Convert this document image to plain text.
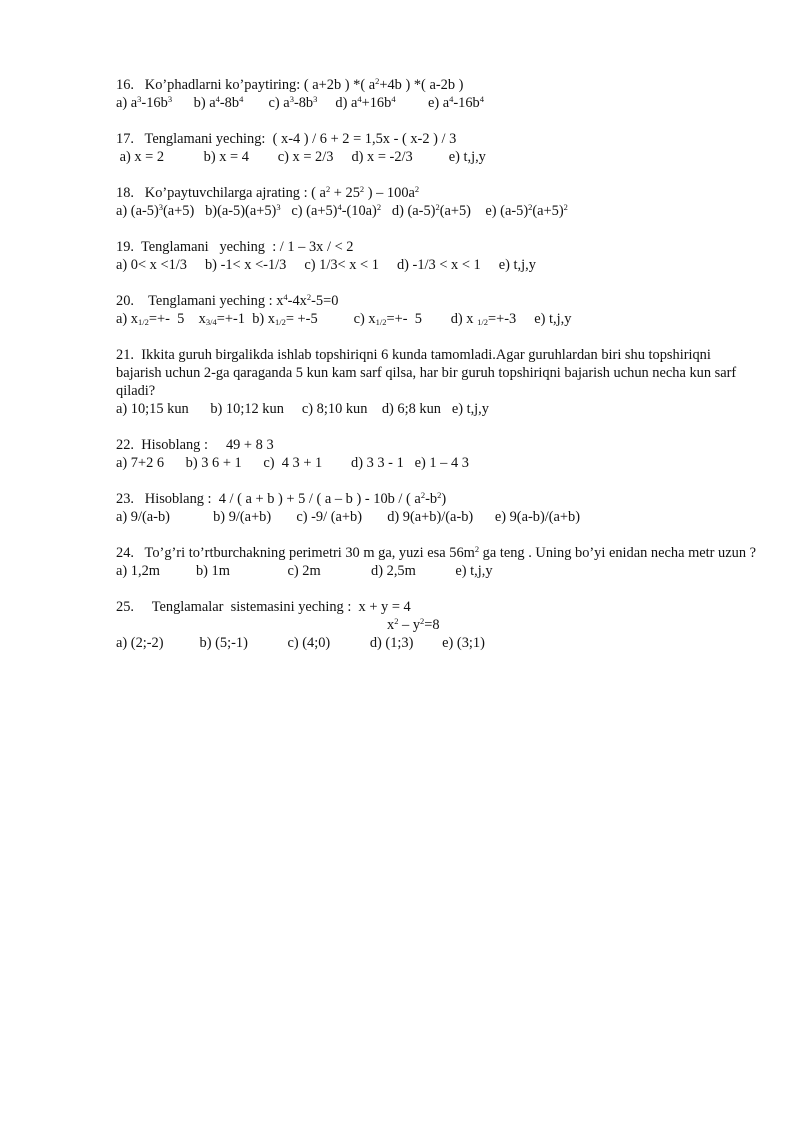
16. Ko’phadlarni ko’paytiring: ( a+2b ) *( $a^2+4b$ ) *( a-2b )
a) $a^3-16b^3$ b) $a^4-8b^4$ c) $a^3-8b^3$ d) $a^4+16b^4$ e) $a^4-16b^4$
17. Tenglamani yeching:  ( x-4 ) / 6 + 2 = 1,5x - ( x-2 ) / 3
a) x = 2	b) x = 4 c) x = 2/3 d) x = -2/3 e) t,j,y
18. Ko’paytuvchilarga ajrating : ( $a^2 + 25^2$ ) – $100a^2$
a) $(a-5)^3(a+5)$ $b)(a-5)(a+5)^3$ c) $(a+5)^4-(10a)^2$ d) $(a-5)^2(a+5)$ e) $(a-5)^2(a+5)^2$
19. Tenglamani   yeching  : / 1 – 3x / < 2
a) 0< x <1/3 b) -1< x <-1/3 c) 1/3< x < 1 d) -1/3 < x < 1 e) t,j,y
20. Tenglamani yeching : $x^4-4x^2-5=0$
a) $x_{1/2}=+-$  5 $x_{3/4}=+-1$ b) $x_{1/2}= +-5$ c) $x_{1/2}=+-$  5 d) x $_{1/2}$=+-3 e) t,j,y
21. Ikkita guruh birgalikda ishlab topshiriqni 6 kunda tamomladi.Agar guruhlardan biri shu topshiriqni bajarish uchun 2-ga qaraganda 5 kun kam sarf qilsa, har bir guruh topshiriqni bajarish uchun necha kun sarf qiladi?
a) 10;15 kun b) 10;12 kun c) 8;10 kun d) 6;8 kun e) t,j,y
22. Hisoblang :     49 + 8 3
a) 7+2 6 b) 3 6 + 1 c)  4 3 + 1 d) 3 3 - 1 e) 1 – 4 3
23. Hisoblang :  4 / ( a + b ) + 5 / ( a – b ) - 10b / ( $a^2-b^2$)
a) 9/(a-b)	b) 9/(a+b) c) -9/ (a+b) d) 9(a+b)/(a-b) e) 9(a-b)/(a+b)
24. To’g’ri to’rtburchakning perimetri 30 m ga, yuzi esa $56m^2$ ga teng . Uning bo’yi enidan necha metr uzun ?
a) 1,2m b) 1m	c) 2m	d) 2,5m	e) t,j,y
25. Tenglamalar  sistemasini yeching :  x + y = 4
$x^2 - y^2=8$
a) (2;-2) b) (5;-1)	c) (4;0)	d) (1;3) e) (3;1)
